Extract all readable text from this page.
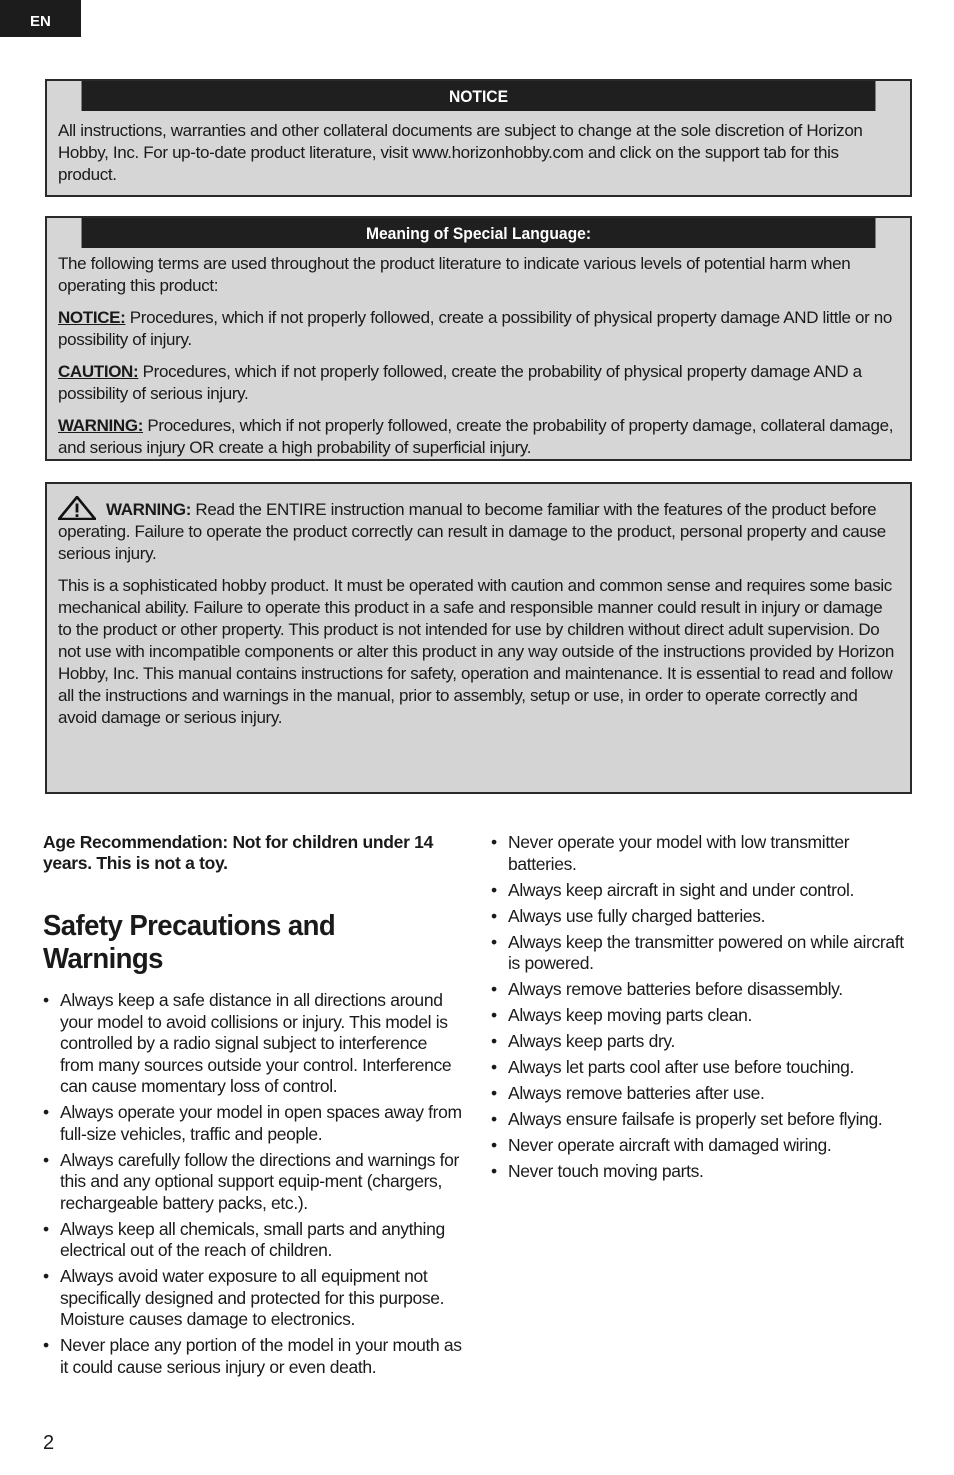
EN
NOTICE

All instructions, warranties and other collateral documents are subject to change at the sole discretion of Horizon Hobby, Inc. For up-to-date product literature, visit www.horizonhobby.com and click on the support tab for this product.

Meaning of Special Language:

The following terms are used throughout the product literature to indicate various levels of potential harm when operating this product:

NOTICE: Procedures, which if not properly followed, create a possibility of physical property damage AND little or no possibility of injury.

CAUTION: Procedures, which if not properly followed, create the probability of physical property damage AND a possibility of serious injury.

WARNING: Procedures, which if not properly followed, create the probability of property damage, collateral damage, and serious injury OR create a high probability of superficial injury.

WARNING: Read the ENTIRE instruction manual to become familiar with the features of the product before operating. Failure to operate the product correctly can result in damage to the product, personal property and cause serious injury.

This is a sophisticated hobby product. It must be operated with caution and common sense and requires some basic mechanical ability. Failure to operate this product in a safe and responsible manner could result in injury or damage to the product or other property. This product is not intended for use by children without direct adult supervision. Do not use with incompatible components or alter this product in any way outside of the instructions provided by Horizon Hobby, Inc. This manual contains instructions for safety, operation and maintenance. It is essential to read and follow all the instructions and warnings in the manual, prior to assembly, setup or use, in order to operate correctly and avoid damage or serious injury.

Age Recommendation: Not for children under 14 years. This is not a toy.

Safety Precautions and Warnings
• Always keep a safe distance in all directions around your model to avoid collisions or injury. This model is controlled by a radio signal subject to interference from many sources outside your control. Interference can cause momentary loss of control.
• Always operate your model in open spaces away from full-size vehicles, traffic and people.
• Always carefully follow the directions and warnings for this and any optional support equip-ment (chargers, rechargeable battery packs, etc.).
• Always keep all chemicals, small parts and anything electrical out of the reach of children.
• Always avoid water exposure to all equipment not specifically designed and protected for this purpose. Moisture causes damage to electronics.
• Never place any portion of the model in your mouth as it could cause serious injury or even death.
• Never operate your model with low transmitter batteries.
• Always keep aircraft in sight and under control.
• Always use fully charged batteries.
• Always keep the transmitter powered on while aircraft is powered.
• Always remove batteries before disassembly.
• Always keep moving parts clean.
• Always keep parts dry.
• Always let parts cool after use before touching.
• Always remove batteries after use.
• Always ensure failsafe is properly set before flying.
• Never operate aircraft with damaged wiring.
• Never touch moving parts.
2
